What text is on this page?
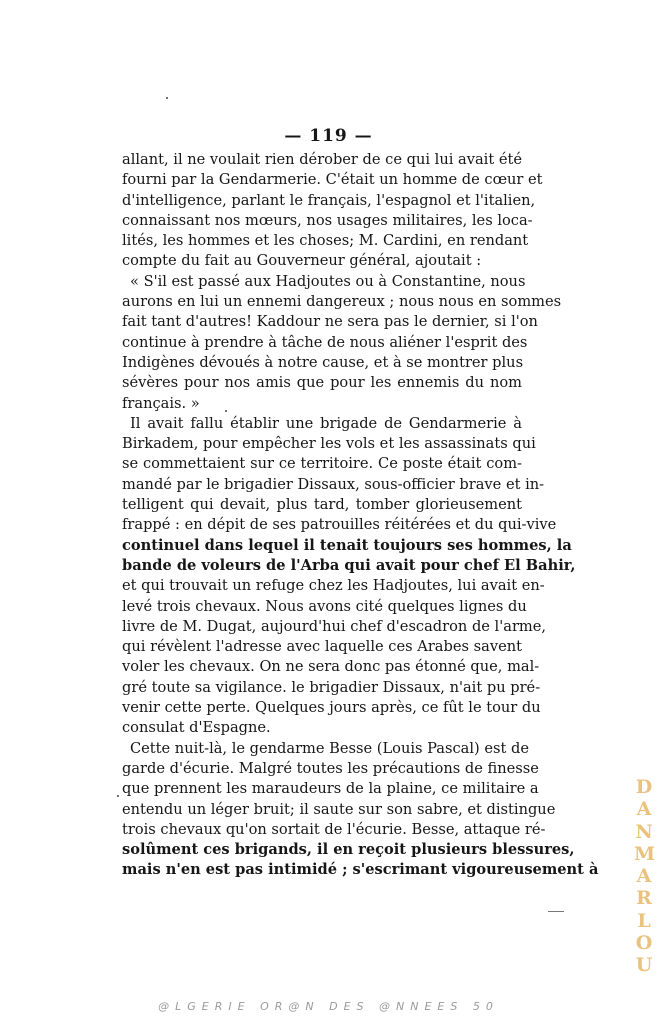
— 119 —
allant, il ne voulait rien dérober de ce qui lui avait été
fourni par la Gendarmerie. C'était un homme de cœur et
d'intelligence, parlant le français, l'espagnol et l'italien,
connaissant nos mœurs, nos usages militaires, les loca-
lités, les hommes et les choses; M. Cardini, en rendant
compte du fait au Gouverneur général, ajoutait :
« S'il est passé aux Hadjoutes ou à Constantine, nous
aurons en lui un ennemi dangereux ; nous nous en sommes
fait tant d'autres! Kaddour ne sera pas le dernier, si l'on
continue à prendre à tâche de nous aliéner l'esprit des
Indigènes dévoués à notre cause, et à se montrer plus
sévères pour nos amis que pour les ennemis du nom
français. »
Il avait fallu établir une brigade de Gendarmerie à
Birkadem, pour empêcher les vols et les assassinats qui
se commettaient sur ce territoire. Ce poste était com-
mandé par le brigadier Dissaux, sous-officier brave et in-
telligent qui devait, plus tard, tomber glorieusement
frappé : en dépit de ses patrouilles réitérées et du qui-vive
continuel dans lequel il tenait toujours ses hommes, la
bande de voleurs de l'Arba qui avait pour chef El Bahir,
et qui trouvait un refuge chez les Hadjoutes, lui avait en-
levé trois chevaux. Nous avons cité quelques lignes du
livre de M. Dugat, aujourd'hui chef d'escadron de l'arme,
qui révèlent l'adresse avec laquelle ces Arabes savent
voler les chevaux. On ne sera donc pas étonné que, mal-
gré toute sa vigilance. le brigadier Dissaux, n'ait pu pré-
venir cette perte. Quelques jours après, ce fût le tour du
consulat d'Espagne.
Cette nuit-là, le gendarme Besse (Louis Pascal) est de
garde d'écurie. Malgré toutes les précautions de finesse
que prennent les maraudeurs de la plaine, ce militaire a
entendu un léger bruit; il saute sur son sabre, et distingue
trois chevaux qu'on sortait de l'écurie. Besse, attaque ré-
solûment ces brigands, il en reçoit plusieurs blessures,
mais n'en est pas intimidé ; s'escrimant vigoureusement à
D
A
N
M
A
R
L
O
U
@LGERIE OR@N DES @NNEES 50
